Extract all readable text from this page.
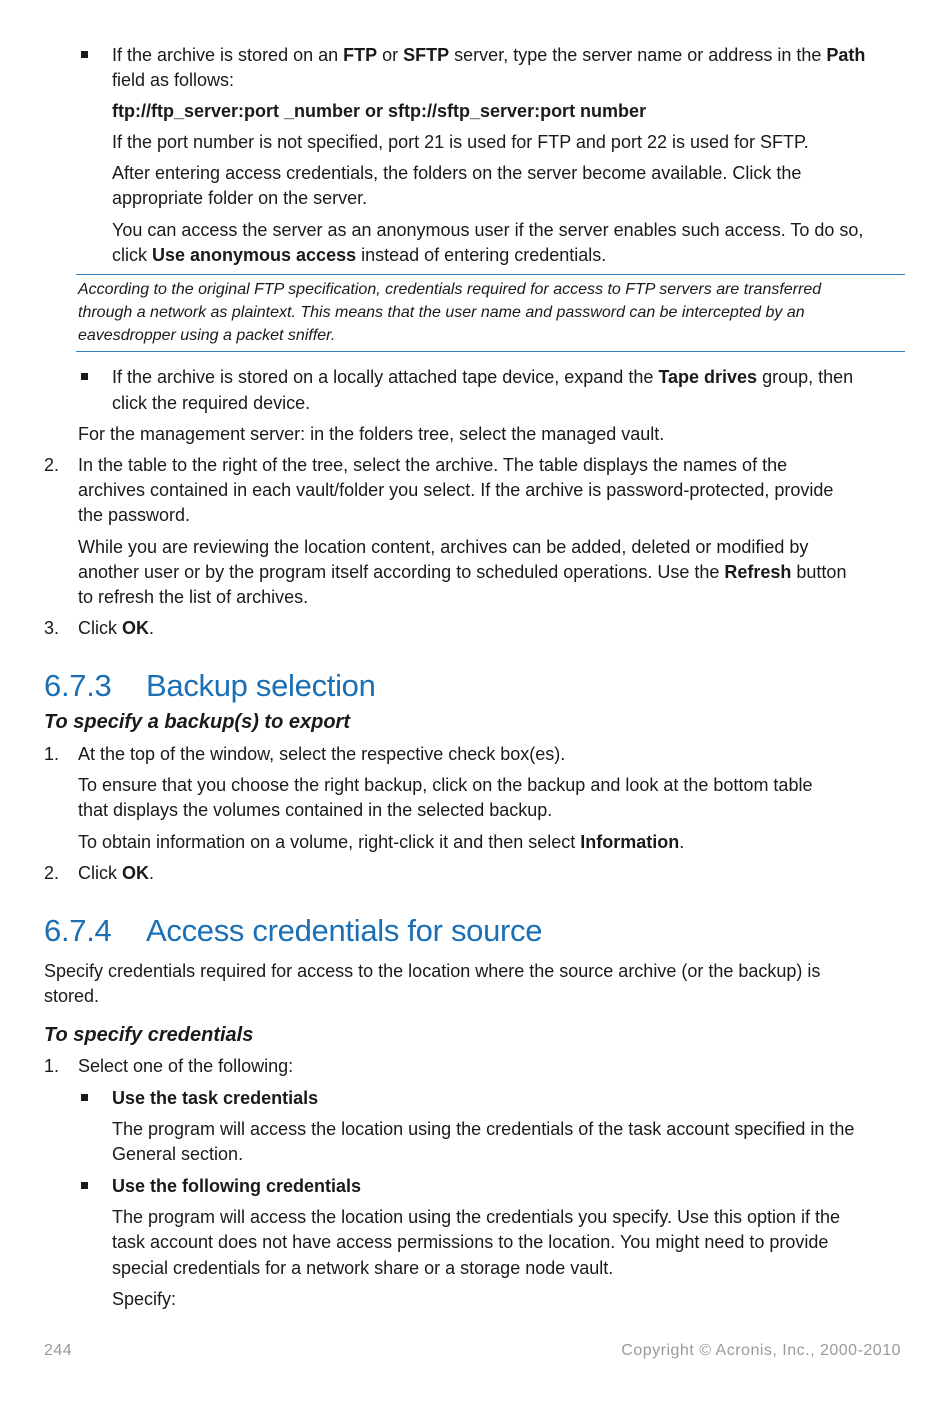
If the archive is stored on an FTP or SFTP server, type the server name or address in the Path

field as follows:

ftp://ftp_server:port _number or sftp://sftp_server:port number

If the port number is not specified, port 21 is used for FTP and port 22 is used for SFTP.

After entering access credentials, the folders on the server become available. Click the

appropriate folder on the server.

You can access the server as an anonymous user if the server enables such access. To do so,

click Use anonymous access instead of entering credentials.

According to the original FTP specification, credentials required for access to FTP servers are transferred

through a network as plaintext. This means that the user name and password can be intercepted by an

eavesdropper using a packet sniffer.

If the archive is stored on a locally attached tape device, expand the Tape drives group, then

click the required device.

For the management server: in the folders tree, select the managed vault.

2. In the table to the right of the tree, select the archive. The table displays the names of the

archives contained in each vault/folder you select. If the archive is password-protected, provide

the password.

While you are reviewing the location content, archives can be added, deleted or modified by

another user or by the program itself according to scheduled operations. Use the Refresh button

to refresh the list of archives.

3. Click OK.

6.7.3 Backup selection

To specify a backup(s) to export

1. At the top of the window, select the respective check box(es).

To ensure that you choose the right backup, click on the backup and look at the bottom table

that displays the volumes contained in the selected backup.

To obtain information on a volume, right-click it and then select Information.

2. Click OK.

6.7.4 Access credentials for source

Specify credentials required for access to the location where the source archive (or the backup) is

stored.

To specify credentials

1. Select one of the following:

Use the task credentials

The program will access the location using the credentials of the task account specified in the

General section.

Use the following credentials

The program will access the location using the credentials you specify. Use this option if the

task account does not have access permissions to the location. You might need to provide

special credentials for a network share or a storage node vault.

Specify:

244	Copyright © Acronis, Inc., 2000-2010
